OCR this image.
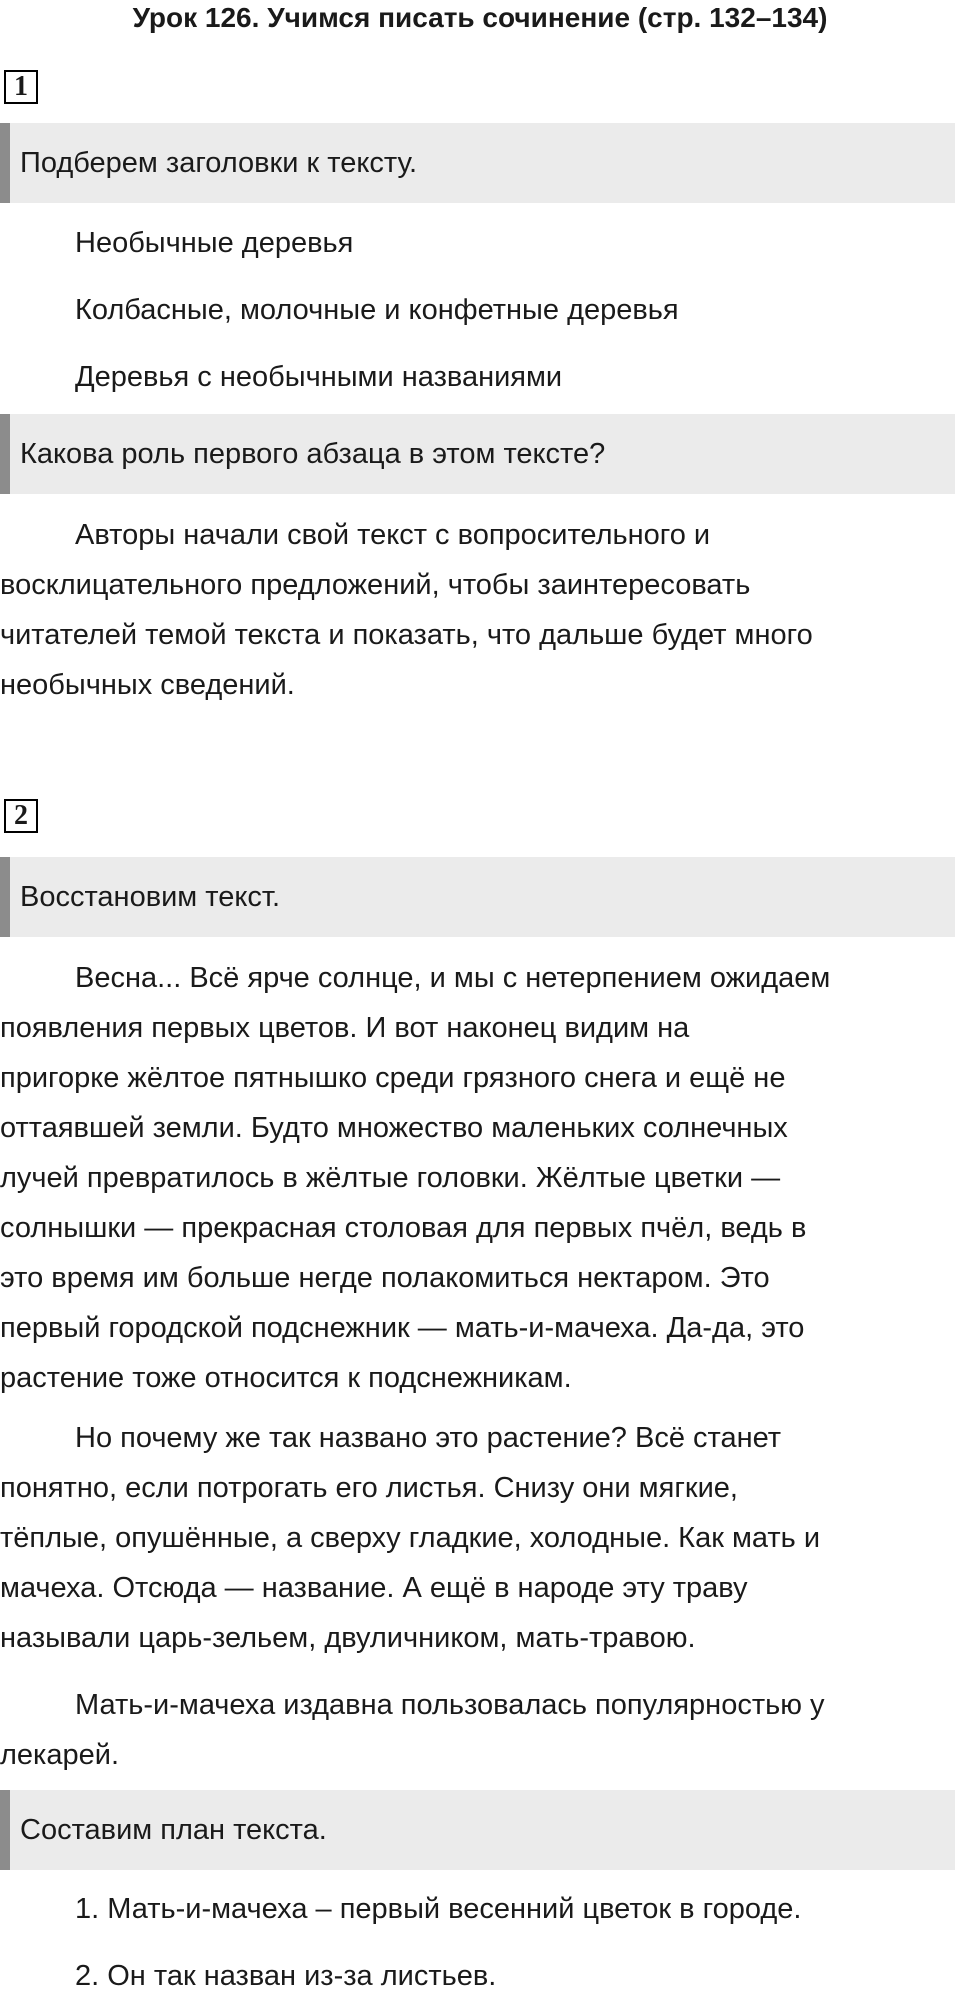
Урок 126. Учимся писать сочинение (стр. 132–134)
1
Подберем заголовки к тексту.
Необычные деревья
Колбасные, молочные и конфетные деревья
Деревья с необычными названиями
Какова роль первого абзаца в этом тексте?
Авторы начали свой текст с вопросительного и
восклицательного предложений, чтобы заинтересовать
читателей темой текста и показать, что дальше будет много
необычных сведений.
2
Восстановим текст.
Весна... Всё ярче солнце, и мы с нетерпением ожидаем
появления первых цветов. И вот наконец видим на
пригорке жёлтое пятнышко среди грязного снега и ещё не
оттаявшей земли. Будто множество маленьких солнечных
лучей превратилось в жёлтые головки. Жёлтые цветки —
солнышки — прекрасная столовая для первых пчёл, ведь в
это время им больше негде полакомиться нектаром. Это
первый городской подснежник — мать-и-мачеха. Да-да, это
растение тоже относится к подснежникам.
Но почему же так названо это растение? Всё станет
понятно, если потрогать его листья. Снизу они мягкие,
тёплые, опушённые, а сверху гладкие, холодные. Как мать и
мачеха. Отсюда — название. А ещё в народе эту траву
называли царь-зельем, двуличником, мать-травою.
Мать-и-мачеха издавна пользовалась популярностью у
лекарей.
Составим план текста.
1. Мать-и-мачеха – первый весенний цветок в городе.
2. Он так назван из-за листьев.
